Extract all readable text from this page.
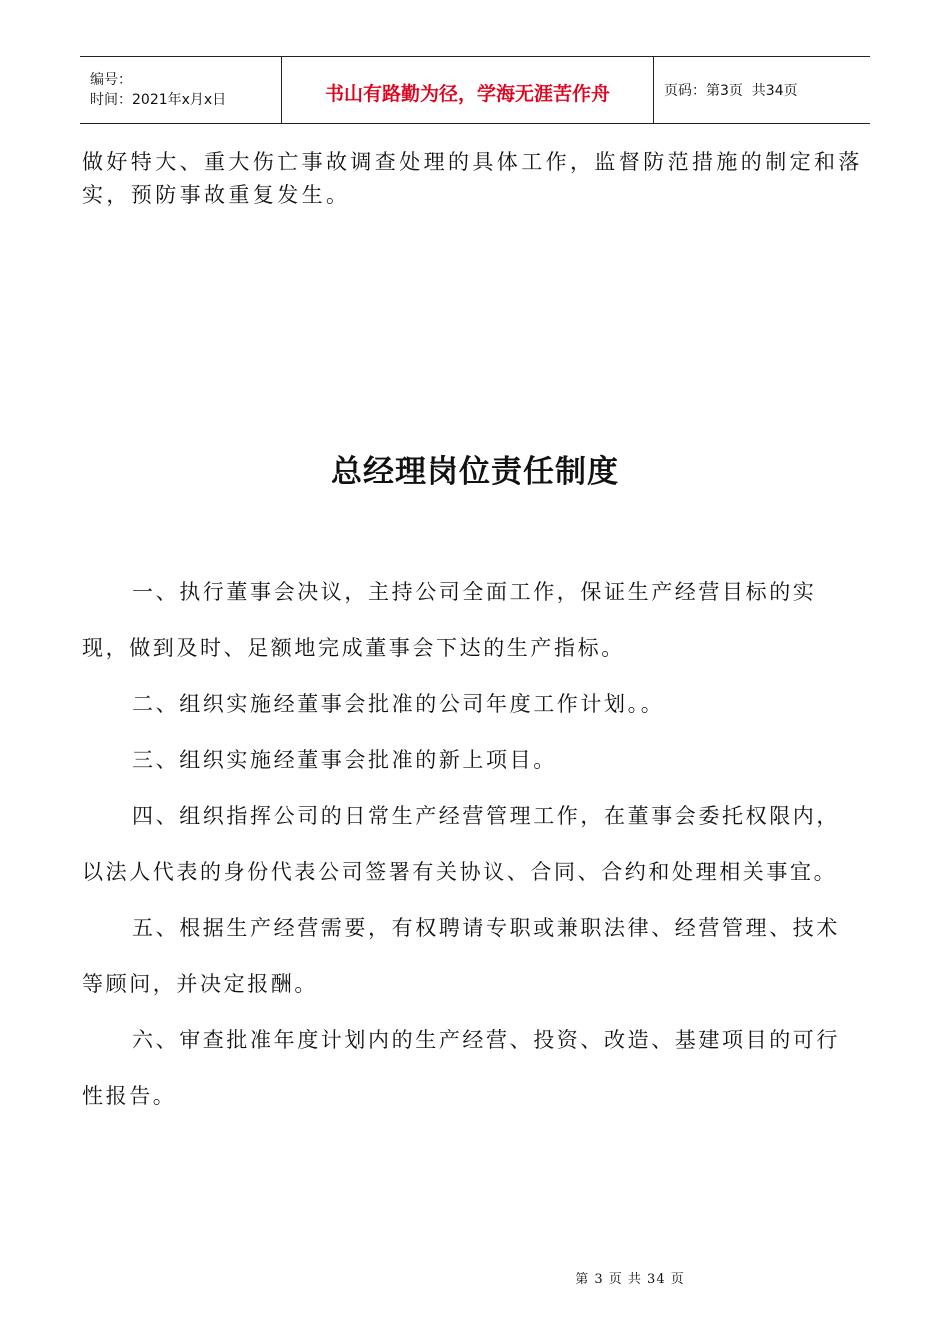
编号：
时间：2021年x月x日	书山有路勤为径，学海无涯苦作舟	页码：第3页  共34页

做好特大、重大伤亡事故调查处理的具体工作，监督防范措施的制定和落实，预防事故重复发生。

总经理岗位责任制度

一、执行董事会决议，主持公司全面工作，保证生产经营目标的实现，做到及时、足额地完成董事会下达的生产指标。

二、组织实施经董事会批准的公司年度工作计划。。

三、组织实施经董事会批准的新上项目。

四、组织指挥公司的日常生产经营管理工作，在董事会委托权限内，以法人代表的身份代表公司签署有关协议、合同、合约和处理相关事宜。

五、根据生产经营需要，有权聘请专职或兼职法律、经营管理、技术等顾问，并决定报酬。

六、审查批准年度计划内的生产经营、投资、改造、基建项目的可行性报告。

第 3 页 共 34 页
